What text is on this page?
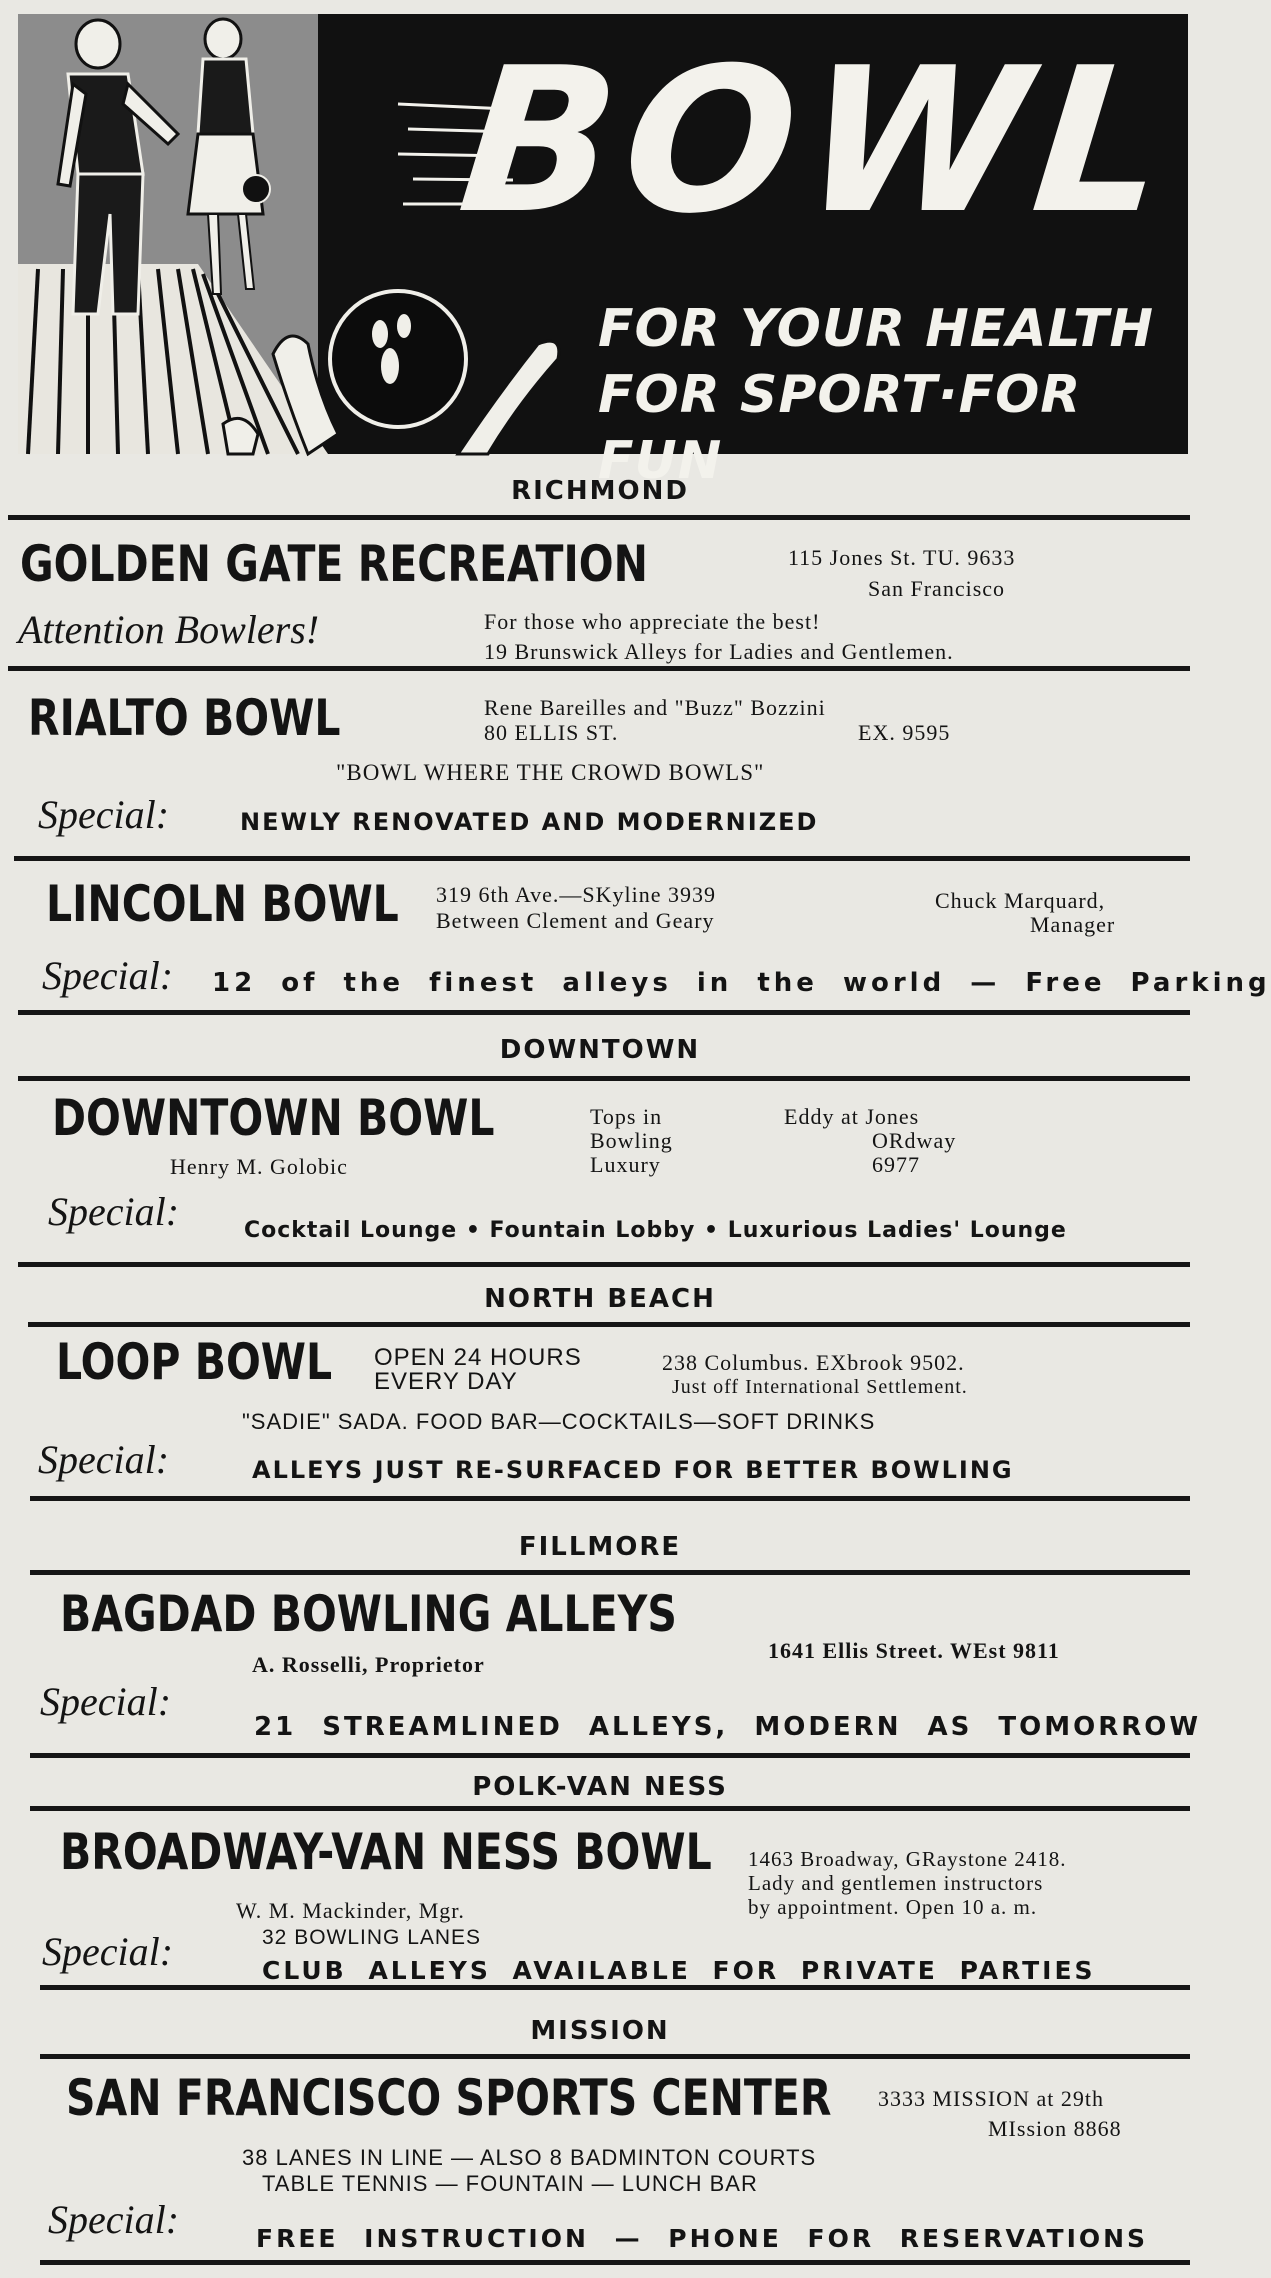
BOWL
FOR YOUR HEALTH
FOR SPORT·FOR FUN
RICHMOND
GOLDEN GATE RECREATION	115 Jones St. TU. 9633
San Francisco
Attention Bowlers!	For those who appreciate the best!
19 Brunswick Alleys for Ladies and Gentlemen.
RIALTO BOWL	Rene Bareilles and "Buzz" Bozzini
80 ELLIS ST.	EX. 9595
"BOWL WHERE THE CROWD BOWLS"
Special:	NEWLY RENOVATED AND MODERNIZED
LINCOLN BOWL 319 6th Ave.—SKyline 3939
Between Clement and Geary
Chuck Marquard,
Manager
Special: 12 of the finest alleys in the world — Free Parking
DOWNTOWN
DOWNTOWN BOWL
Henry M. Golobic
Tops in
Bowling
Luxury
Eddy at Jones
ORdway
6977
Special:	Cocktail Lounge • Fountain Lobby • Luxurious Ladies' Lounge
NORTH BEACH
LOOP BOWL OPEN 24 HOURS
EVERY DAY
238 Columbus. EXbrook 9502.
Just off International Settlement.
"SADIE" SADA. FOOD BAR—COCKTAILS—SOFT DRINKS
Special:	ALLEYS JUST RE-SURFACED FOR BETTER BOWLING
FILLMORE
BAGDAD BOWLING ALLEYS
A. Rosselli, Proprietor
1641 Ellis Street. WEst 9811
Special:
21 STREAMLINED ALLEYS, MODERN AS TOMORROW
POLK-VAN NESS
BROADWAY-VAN NESS BOWL 1463 Broadway, GRaystone 2418.
Lady and gentlemen instructors
by appointment. Open 10 a. m.
W. M. Mackinder, Mgr.
32 BOWLING LANES
Special:	CLUB ALLEYS AVAILABLE FOR PRIVATE PARTIES
MISSION
SAN FRANCISCO SPORTS CENTER 3333 MISSION at 29th
MIssion 8868
38 LANES IN LINE — ALSO 8 BADMINTON COURTS
TABLE TENNIS — FOUNTAIN — LUNCH BAR
Special:	FREE INSTRUCTION — PHONE FOR RESERVATIONS
